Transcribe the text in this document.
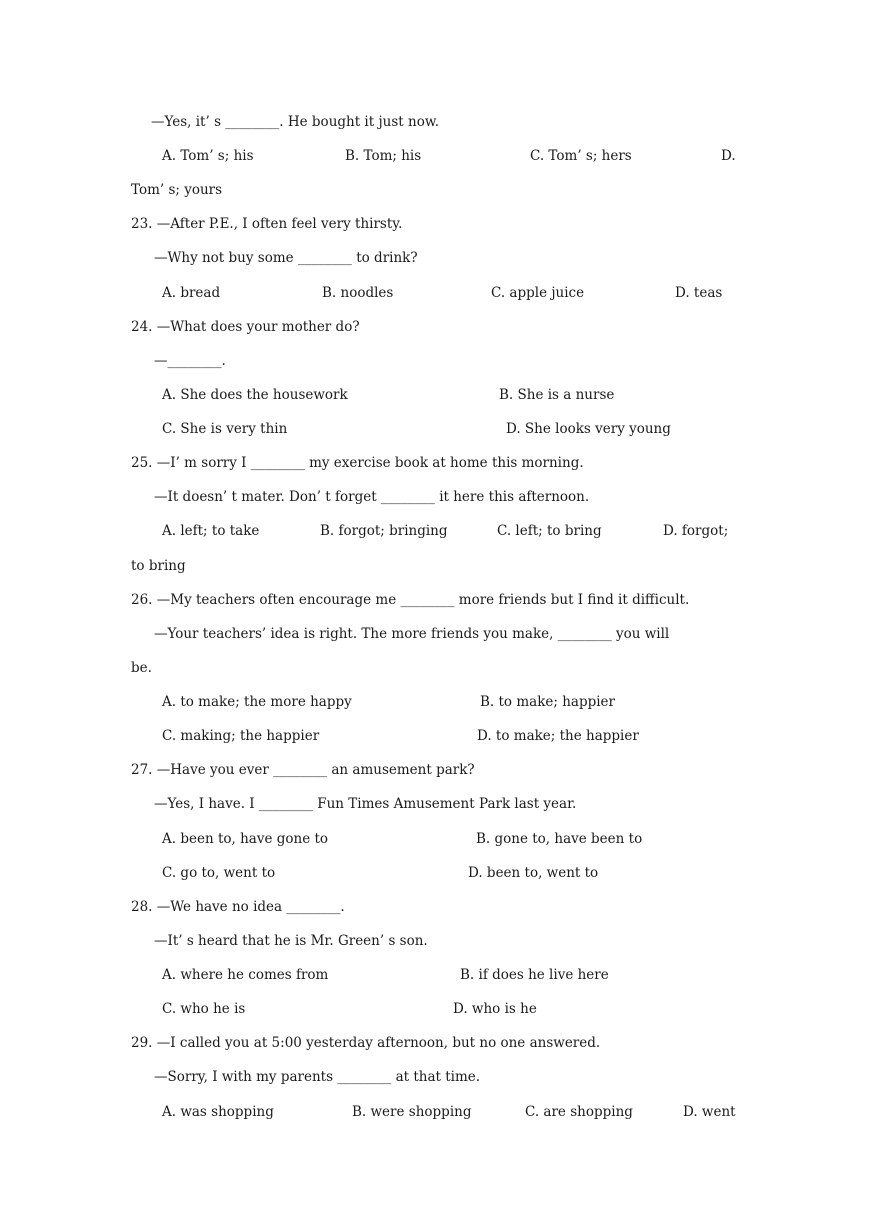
—Yes, it’ s ________. He bought it just now.
A. Tom’ s; his	B. Tom; his	C. Tom’ s; hers	D.
Tom’ s; yours
23. —After P.E., I often feel very thirsty.
—Why not buy some ________ to drink?
A. bread	B. noodles	C. apple juice	D. teas
24. —What does your mother do?
—________.
A. She does the housework	B. She is a nurse
C. She is very thin	D. She looks very young
25. —I’ m sorry I ________ my exercise book at home this morning.
—It doesn’ t mater. Don’ t forget ________ it here this afternoon.
A. left; to take	B. forgot; bringing	C. left; to bring	D. forgot;
to bring
26. —My teachers often encourage me ________ more friends but I find it difficult.
—Your teachers’ idea is right. The more friends you make, ________ you will
be.
A. to make; the more happy	B. to make; happier
C. making; the happier	D. to make; the happier
27. —Have you ever ________ an amusement park?
—Yes, I have. I ________ Fun Times Amusement Park last year.
A. been to, have gone to	B. gone to, have been to
C. go to, went to	D. been to, went to
28. —We have no idea ________.
—It’ s heard that he is Mr. Green’ s son.
A. where he comes from	B. if does he live here
C. who he is	D. who is he
29. —I called you at 5:00 yesterday afternoon, but no one answered.
—Sorry, I with my parents ________ at that time.
A. was shopping	B. were shopping	C. are shopping	D. went
